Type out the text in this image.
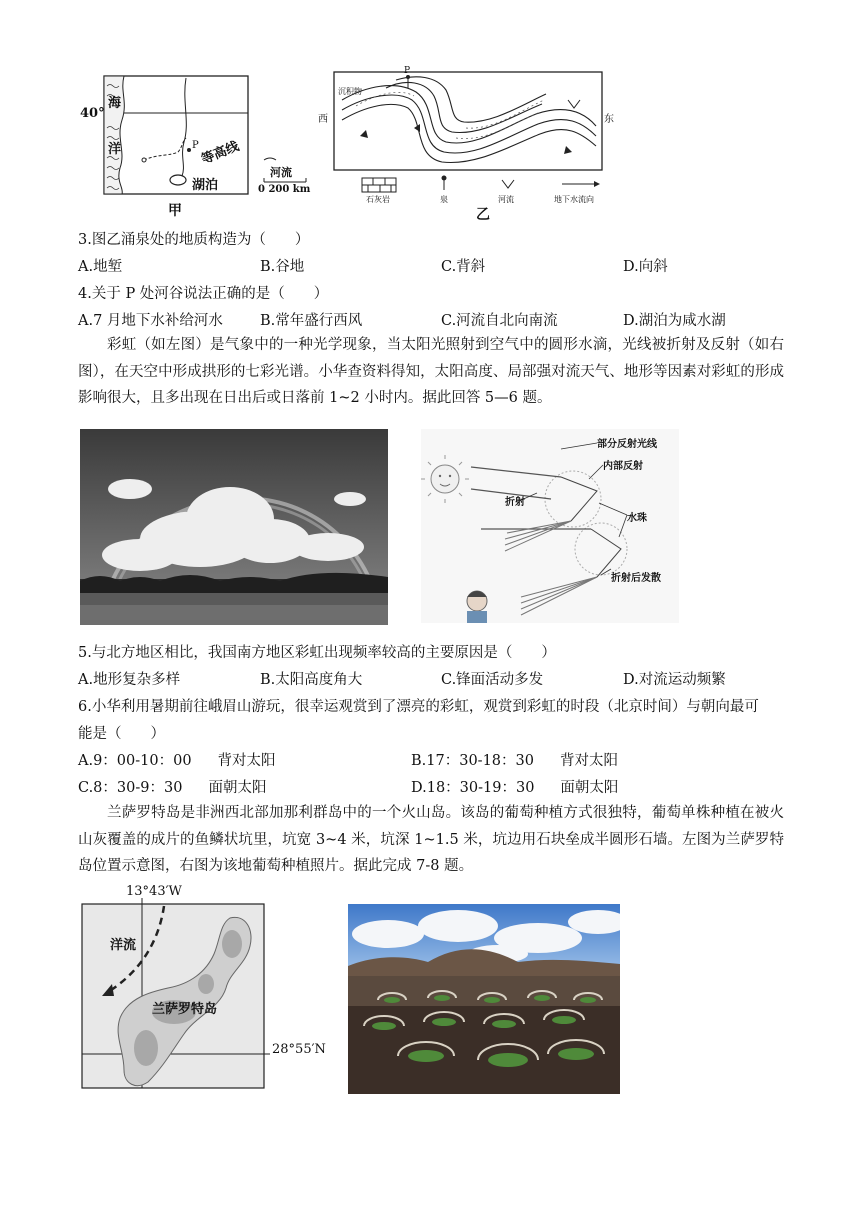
40°
海
洋	P 等高线
湖泊
河流
0 200 km
甲
西	东
P
沉积物
石灰岩	泉	河流	地下水流向
乙
3.图乙涌泉处的地质构造为（　　）
A.地堑	B.谷地	C.背斜	D.向斜
4.关于 P 处河谷说法正确的是（　　）
A.7 月地下水补给河水	B.常年盛行西风	C.河流自北向南流	D.湖泊为咸水湖
彩虹（如左图）是气象中的一种光学现象，当太阳光照射到空气中的圆形水滴，光线被折射及反射（如右图），在天空中形成拱形的七彩光谱。小华查资料得知，太阳高度、局部强对流天气、地形等因素对彩虹的形成影响很大，且多出现在日出后或日落前 1~2 小时内。据此回答 5—6 题。
部分反射光线
内部反射
折射
水珠
折射后发散
5.与北方地区相比，我国南方地区彩虹出现频率较高的主要原因是（　　）
A.地形复杂多样	B.太阳高度角大	C.锋面活动多发	D.对流运动频繁
6.小华利用暑期前往峨眉山游玩，很幸运观赏到了漂亮的彩虹，观赏到彩虹的时段（北京时间）与朝向最可
能是（　　）
A.9：00-10：00 背对太阳	B.17：30-18：30 背对太阳
C.8：30-9：30 面朝太阳	D.18：30-19：30 面朝太阳
兰萨罗特岛是非洲西北部加那利群岛中的一个火山岛。该岛的葡萄种植方式很独特，葡萄单株种植在被火山灰覆盖的成片的鱼鳞状坑里，坑宽 3~4 米，坑深 1~1.5 米，坑边用石块垒成半圆形石墙。左图为兰萨罗特岛位置示意图，右图为该地葡萄种植照片。据此完成 7-8 题。
13°43′W
28°55′N
洋流
兰萨罗特岛
